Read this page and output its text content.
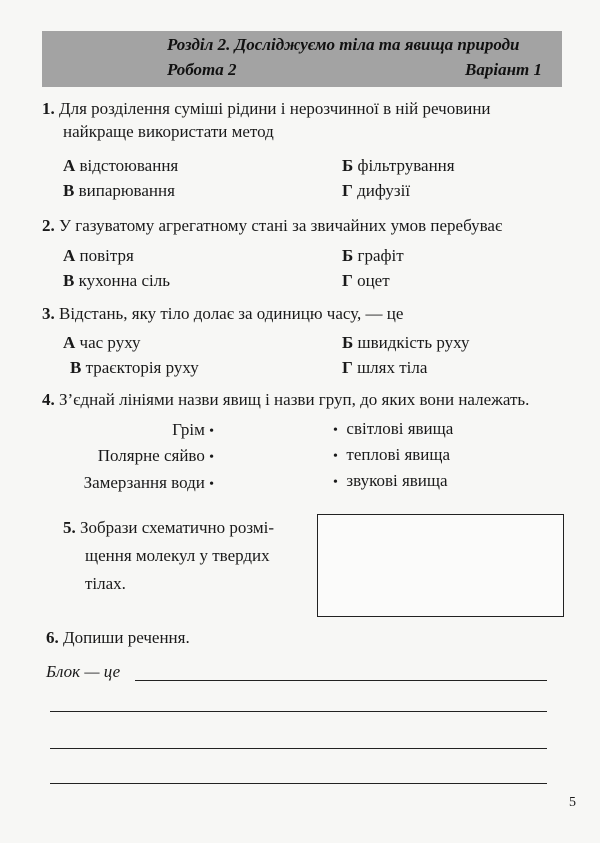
Розділ 2. Досліджуємо тіла та явища природи
Робота 2	Варіант 1
1. Для розділення суміші рідини і нерозчинної в ній речовини
найкраще використати метод
А відстоювання	Б фільтрування
В випарювання	Г дифузії
2. У газуватому агрегатному стані за звичайних умов перебуває
А повітря	Б графіт
В кухонна сіль	Г оцет
3. Відстань, яку тіло долає за одиницю часу, — це
А час руху	Б швидкість руху
В траєкторія руху	Г шлях тіла
4. З’єднай лініями назви явищ і назви груп, до яких вони належать.
Грім •
Полярне сяйво •
Замерзання води •
• світлові явища
• теплові явища
• звукові явища
5. Зобрази схематично розмі-
щення молекул у твердих
тілах.
6. Допиши речення.
Блок — це
5
